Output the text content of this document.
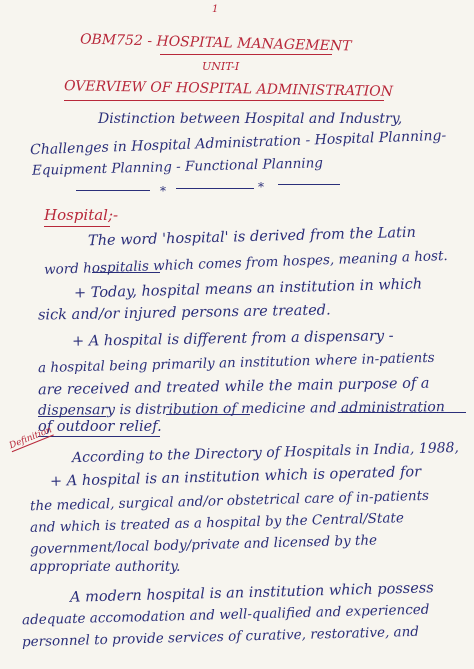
1
OBM752 - HOSPITAL MANAGEMENT
UNIT-I
OVERVIEW OF HOSPITAL ADMINISTRATION
Distinction between Hospital and Industry,
Challenges in Hospital Administration - Hospital Planning-
Equipment Planning - Functional Planning
*	*
Hospital;-
The word 'hospital' is derived from the Latin
word hospitalis which comes from hospes, meaning a host.
+ Today, hospital means an institution in which
sick and/or injured persons are treated.
+ A hospital is different from a dispensary -
a hospital being primarily an institution where in-patients
are received and treated while the main purpose of a
dispensary is distribution of medicine and administration
of outdoor relief.
Definition
According to the Directory of Hospitals in India, 1988,
+ A hospital is an institution which is operated for
the medical, surgical and/or obstetrical care of in-patients
and which is treated as a hospital by the Central/State
government/local body/private and licensed by the
appropriate authority.
A modern hospital is an institution which possess
adequate accomodation and well-qualified and experienced
personnel to provide services of curative, restorative, and
